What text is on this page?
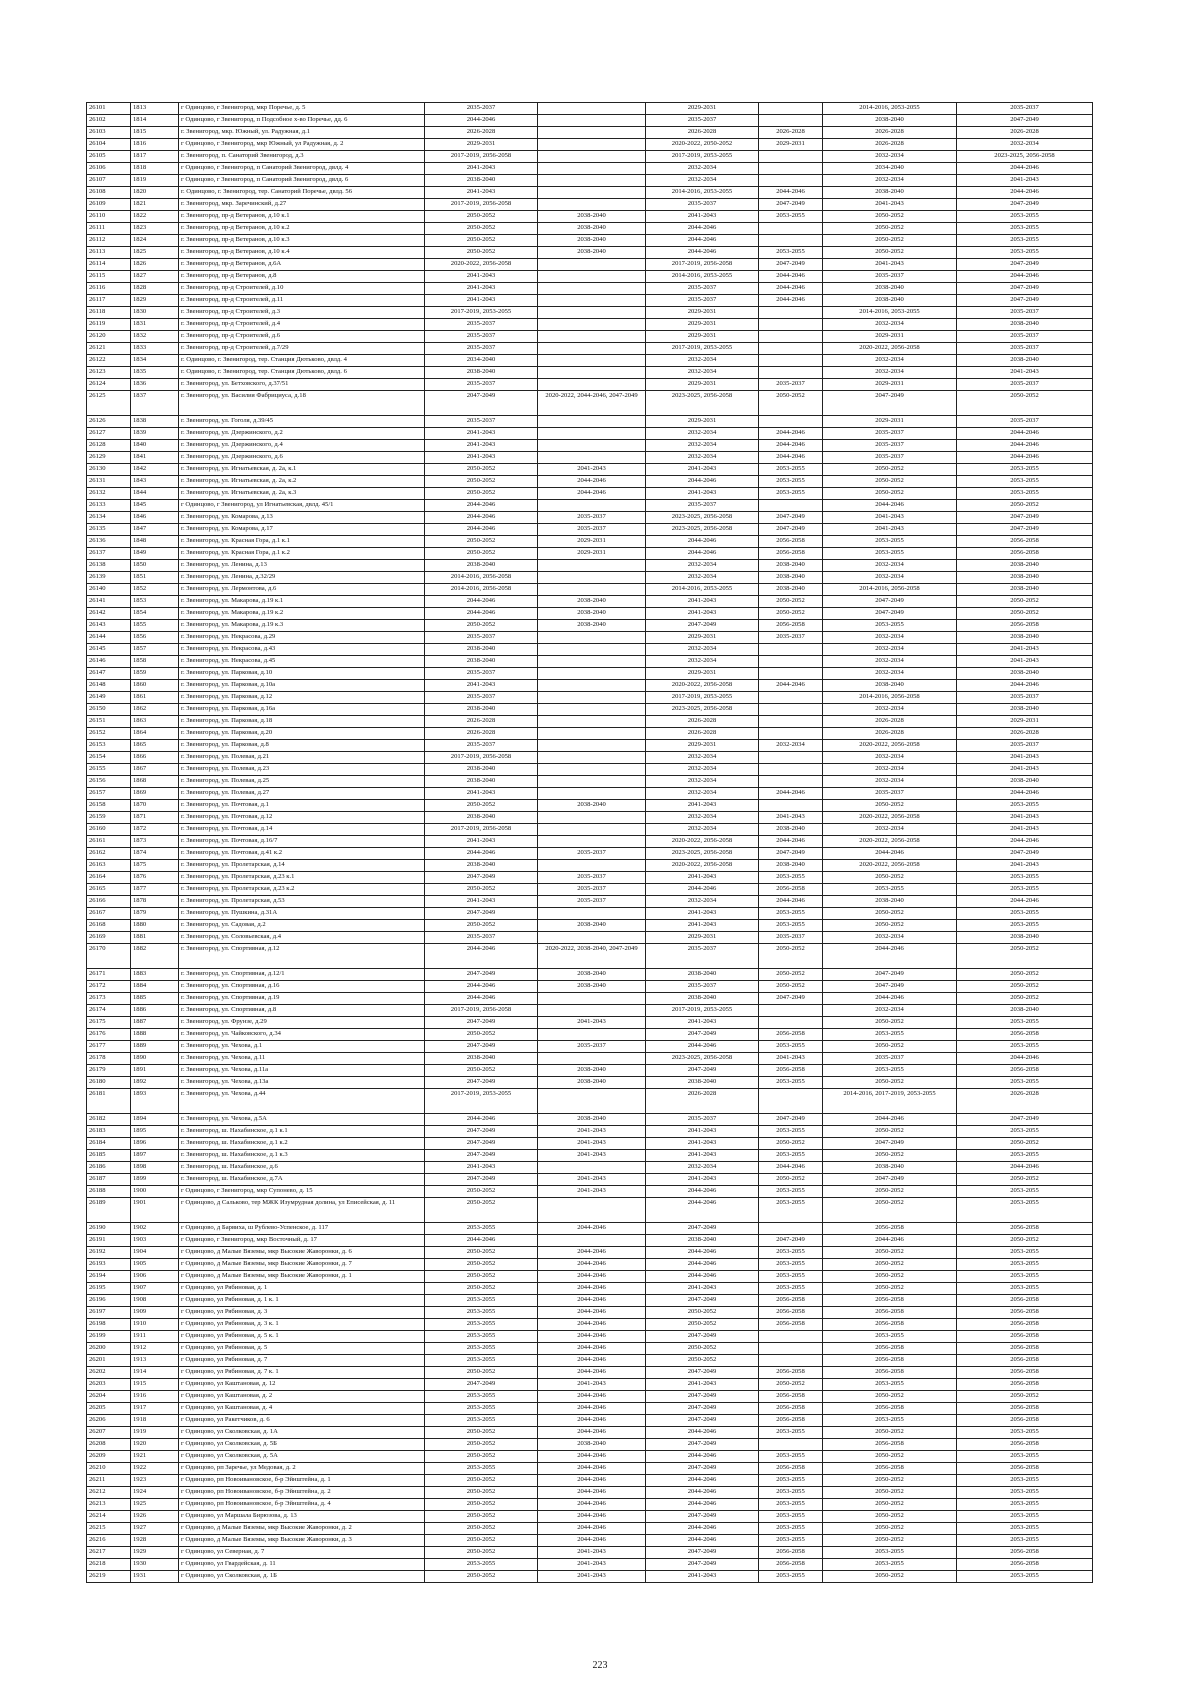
26101	1813	г Одинцово, г Звенигород, мкр Поречье, д. 5	2035-2037		2029-2031		2014-2016, 2053-2055	2035-2037
26102	1814	г Одинцово, г Звенигород, п Подсобное х-во Поречье, дд. 6	2044-2046		2035-2037		2038-2040	2047-2049
26103	1815	г. Звенигород, мкр. Южный, ул. Радужная, д.1	2026-2028		2026-2028	2026-2028	2026-2028	2026-2028
26104	1816	г Одинцово, г Звенигород, мкр Южный, ул Радужная, д. 2	2029-2031		2020-2022, 2050-2052	2029-2031	2026-2028	2032-2034
26105	1817	г. Звенигород, п. Санаторий Звенигород, д.3	2017-2019, 2056-2058		2017-2019, 2053-2055		2032-2034	2023-2025, 2056-2058
26106	1818	г Одинцово, г Звенигород, п Санаторий Звенигород, двлд. 4	2041-2043		2032-2034		2034-2040	2044-2046
26107	1819	г Одинцово, г Звенигород, п Санаторий Звенигород, двлд. 6	2038-2040		2032-2034		2032-2034	2041-2043
26108	1820	г. Одинцово, г. Звенигород, тер. Санаторий Поречье, двлд. 56	2041-2043		2014-2016, 2053-2055	2044-2046	2038-2040	2044-2046
26109	1821	г. Звенигород, мкр. Заречинский, д.27	2017-2019, 2056-2058		2035-2037	2047-2049	2041-2043	2047-2049
26110	1822	г. Звенигород, пр-д Ветеранов, д.10 к.1	2050-2052	2038-2040	2041-2043	2053-2055	2050-2052	2053-2055
26111	1823	г. Звенигород, пр-д Ветеранов, д.10 к.2	2050-2052	2038-2040	2044-2046		2050-2052	2053-2055
26112	1824	г. Звенигород, пр-д Ветеранов, д.10 к.3	2050-2052	2038-2040	2044-2046		2050-2052	2053-2055
26113	1825	г. Звенигород, пр-д Ветеранов, д.10 к.4	2050-2052	2038-2040	2044-2046	2053-2055	2050-2052	2053-2055
26114	1826	г. Звенигород, пр-д Ветеранов, д.6А	2020-2022, 2056-2058		2017-2019, 2056-2058	2047-2049	2041-2043	2047-2049
26115	1827	г. Звенигород, пр-д Ветеранов, д.8	2041-2043		2014-2016, 2053-2055	2044-2046	2035-2037	2044-2046
26116	1828	г. Звенигород, пр-д Строителей, д.10	2041-2043		2035-2037	2044-2046	2038-2040	2047-2049
26117	1829	г. Звенигород, пр-д Строителей, д.11	2041-2043		2035-2037	2044-2046	2038-2040	2047-2049
26118	1830	г. Звенигород, пр-д Строителей, д.3	2017-2019, 2053-2055		2029-2031		2014-2016, 2053-2055	2035-2037
26119	1831	г. Звенигород, пр-д Строителей, д.4	2035-2037		2029-2031		2032-2034	2038-2040
26120	1832	г. Звенигород, пр-д Строителей, д.6	2035-2037		2029-2031		2029-2031	2035-2037
26121	1833	г. Звенигород, пр-д Строителей, д.7/29	2035-2037		2017-2019, 2053-2055		2020-2022, 2056-2058	2035-2037
26122	1834	г. Одинцово, г. Звенигород, тер. Станция Дютьково, двлд. 4	2034-2040		2032-2034		2032-2034	2038-2040
26123	1835	г. Одинцово, г. Звенигород, тер. Станция Дютьково, двлд. 6	2038-2040		2032-2034		2032-2034	2041-2043
26124	1836	г. Звенигород, ул. Бетховского, д.37/51	2035-2037		2029-2031	2035-2037	2029-2031	2035-2037
26125	1837	г. Звенигород, ул. Василия Фабрициуса, д.18	2047-2049	2020-2022, 2044-2046, 2047-2049	2023-2025, 2056-2058	2050-2052	2047-2049	2050-2052
26126	1838	г. Звенигород, ул. Гоголя, д.39/45	2035-2037		2029-2031		2029-2031	2035-2037
26127	1839	г. Звенигород, ул. Дзержинского, д.2	2041-2043		2032-2034	2044-2046	2035-2037	2044-2046
26128	1840	г. Звенигород, ул. Дзержинского, д.4	2041-2043		2032-2034	2044-2046	2035-2037	2044-2046
26129	1841	г. Звенигород, ул. Дзержинского, д.6	2041-2043		2032-2034	2044-2046	2035-2037	2044-2046
26130	1842	г. Звенигород, ул. Игнатьевская, д. 2а, к.1	2050-2052	2041-2043	2041-2043	2053-2055	2050-2052	2053-2055
26131	1843	г. Звенигород, ул. Игнатьевская, д. 2а, к.2	2050-2052	2044-2046	2044-2046	2053-2055	2050-2052	2053-2055
26132	1844	г. Звенигород, ул. Игнатьевская, д. 2а, к.3	2050-2052	2044-2046	2041-2043	2053-2055	2050-2052	2053-2055
26133	1845	г Одинцово, г Звенигород, ул Игнатьевская, двлд. 45/1	2044-2046		2035-2037		2044-2046	2050-2052
26134	1846	г. Звенигород, ул. Комарова, д.13	2044-2046	2035-2037	2023-2025, 2056-2058	2047-2049	2041-2043	2047-2049
26135	1847	г. Звенигород, ул. Комарова, д.17	2044-2046	2035-2037	2023-2025, 2056-2058	2047-2049	2041-2043	2047-2049
26136	1848	г. Звенигород, ул. Красная Гора, д.1 к.1	2050-2052	2029-2031	2044-2046	2056-2058	2053-2055	2056-2058
26137	1849	г. Звенигород, ул. Красная Гора, д.1 к.2	2050-2052	2029-2031	2044-2046	2056-2058	2053-2055	2056-2058
26138	1850	г. Звенигород, ул. Ленина, д.13	2038-2040		2032-2034	2038-2040	2032-2034	2038-2040
26139	1851	г. Звенигород, ул. Ленина, д.32/29	2014-2016, 2056-2058		2032-2034	2038-2040	2032-2034	2038-2040
26140	1852	г. Звенигород, ул. Лермонтова, д.6	2014-2016, 2056-2058		2014-2016, 2053-2055	2038-2040	2014-2016, 2056-2058	2038-2040
26141	1853	г. Звенигород, ул. Макарова, д.19 к.1	2044-2046	2038-2040	2041-2043	2050-2052	2047-2049	2050-2052
26142	1854	г. Звенигород, ул. Макарова, д.19 к.2	2044-2046	2038-2040	2041-2043	2050-2052	2047-2049	2050-2052
26143	1855	г. Звенигород, ул. Макарова, д.19 к.3	2050-2052	2038-2040	2047-2049	2056-2058	2053-2055	2056-2058
26144	1856	г. Звенигород, ул. Некрасова, д.29	2035-2037		2029-2031	2035-2037	2032-2034	2038-2040
26145	1857	г. Звенигород, ул. Некрасова, д.43	2038-2040		2032-2034		2032-2034	2041-2043
26146	1858	г. Звенигород, ул. Некрасова, д.45	2038-2040		2032-2034		2032-2034	2041-2043
26147	1859	г. Звенигород, ул. Парковая, д.10	2035-2037		2029-2031		2032-2034	2038-2040
26148	1860	г. Звенигород, ул. Парковая, д.10а	2041-2043		2020-2022, 2056-2058	2044-2046	2038-2040	2044-2046
26149	1861	г. Звенигород, ул. Парковая, д.12	2035-2037		2017-2019, 2053-2055		2014-2016, 2056-2058	2035-2037
26150	1862	г. Звенигород, ул. Парковая, д.16а	2038-2040		2023-2025, 2056-2058		2032-2034	2038-2040
26151	1863	г. Звенигород, ул. Парковая, д.18	2026-2028		2026-2028		2026-2028	2029-2031
26152	1864	г. Звенигород, ул. Парковая, д.20	2026-2028		2026-2028		2026-2028	2026-2028
26153	1865	г. Звенигород, ул. Парковая, д.8	2035-2037		2029-2031	2032-2034	2020-2022, 2056-2058	2035-2037
26154	1866	г. Звенигород, ул. Полевая, д.21	2017-2019, 2056-2058		2032-2034		2032-2034	2041-2043
26155	1867	г. Звенигород, ул. Полевая, д.23	2038-2040		2032-2034		2032-2034	2041-2043
26156	1868	г. Звенигород, ул. Полевая, д.25	2038-2040		2032-2034		2032-2034	2038-2040
26157	1869	г. Звенигород, ул. Полевая, д.27	2041-2043		2032-2034	2044-2046	2035-2037	2044-2046
26158	1870	г. Звенигород, ул. Почтовая, д.1	2050-2052	2038-2040	2041-2043		2050-2052	2053-2055
26159	1871	г. Звенигород, ул. Почтовая, д.12	2038-2040		2032-2034	2041-2043	2020-2022, 2056-2058	2041-2043
26160	1872	г. Звенигород, ул. Почтовая, д.14	2017-2019, 2056-2058		2032-2034	2038-2040	2032-2034	2041-2043
26161	1873	г. Звенигород, ул. Почтовая, д.16/7	2041-2043		2020-2022, 2056-2058	2044-2046	2020-2022, 2056-2058	2044-2046
26162	1874	г. Звенигород, ул. Почтовая, д.41 к.2	2044-2046	2035-2037	2023-2025, 2056-2058	2047-2049	2044-2046	2047-2049
26163	1875	г. Звенигород, ул. Пролетарская, д.14	2038-2040		2020-2022, 2056-2058	2038-2040	2020-2022, 2056-2058	2041-2043
26164	1876	г. Звенигород, ул. Пролетарская, д.23 к.1	2047-2049	2035-2037	2041-2043	2053-2055	2050-2052	2053-2055
26165	1877	г. Звенигород, ул. Пролетарская, д.23 к.2	2050-2052	2035-2037	2044-2046	2056-2058	2053-2055	2053-2055
26166	1878	г. Звенигород, ул. Пролетарская, д.53	2041-2043	2035-2037	2032-2034	2044-2046	2038-2040	2044-2046
26167	1879	г. Звенигород, ул. Пушкина, д.31А	2047-2049		2041-2043	2053-2055	2050-2052	2053-2055
26168	1880	г. Звенигород, ул. Садовая, д.2	2050-2052	2038-2040	2041-2043	2053-2055	2050-2052	2053-2055
26169	1881	г. Звенигород, ул. Соловьевская, д.4	2035-2037		2029-2031	2035-2037	2032-2034	2038-2040
26170	1882	г. Звенигород, ул. Спортивная, д.12	2044-2046	2020-2022, 2038-2040, 2047-2049	2035-2037	2050-2052	2044-2046	2050-2052
26171	1883	г. Звенигород, ул. Спортивная, д.12/1	2047-2049	2038-2040	2038-2040	2050-2052	2047-2049	2050-2052
26172	1884	г. Звенигород, ул. Спортивная, д.16	2044-2046	2038-2040	2035-2037	2050-2052	2047-2049	2050-2052
26173	1885	г. Звенигород, ул. Спортивная, д.19	2044-2046		2038-2040	2047-2049	2044-2046	2050-2052
26174	1886	г. Звенигород, ул. Спортивная, д.8	2017-2019, 2056-2058		2017-2019, 2053-2055		2032-2034	2038-2040
26175	1887	г. Звенигород, ул. Фрунзе, д.29	2047-2049	2041-2043	2041-2043		2050-2052	2053-2055
26176	1888	г. Звенигород, ул. Чайковского, д.34	2050-2052		2047-2049	2056-2058	2053-2055	2056-2058
26177	1889	г. Звенигород, ул. Чехова, д.1	2047-2049	2035-2037	2044-2046	2053-2055	2050-2052	2053-2055
26178	1890	г. Звенигород, ул. Чехова, д.11	2038-2040		2023-2025, 2056-2058	2041-2043	2035-2037	2044-2046
26179	1891	г. Звенигород, ул. Чехова, д.11а	2050-2052	2038-2040	2047-2049	2056-2058	2053-2055	2056-2058
26180	1892	г. Звенигород, ул. Чехова, д.13а	2047-2049	2038-2040	2038-2040	2053-2055	2050-2052	2053-2055
26181	1893	г. Звенигород, ул. Чехова, д.44	2017-2019, 2053-2055		2026-2028		2014-2016, 2017-2019, 2053-2055	2026-2028
26182	1894	г. Звенигород, ул. Чехова, д.5А	2044-2046	2038-2040	2035-2037	2047-2049	2044-2046	2047-2049
26183	1895	г. Звенигород, ш. Нахабинское, д.1 к.1	2047-2049	2041-2043	2041-2043	2053-2055	2050-2052	2053-2055
26184	1896	г. Звенигород, ш. Нахабинское, д.1 к.2	2047-2049	2041-2043	2041-2043	2050-2052	2047-2049	2050-2052
26185	1897	г. Звенигород, ш. Нахабинское, д.1 к.3	2047-2049	2041-2043	2041-2043	2053-2055	2050-2052	2053-2055
26186	1898	г. Звенигород, ш. Нахабинское, д.6	2041-2043		2032-2034	2044-2046	2038-2040	2044-2046
26187	1899	г. Звенигород, ш. Нахабинское, д.7А	2047-2049	2041-2043	2041-2043	2050-2052	2047-2049	2050-2052
26188	1900	г Одинцово, г Звенигород, мкр Супонево, д. 15	2050-2052	2041-2043	2044-2046	2053-2055	2050-2052	2053-2055
26189	1901	г Одинцово, д Сальково, тер МЖК Изумрудная долина, ул Еписейская, д. 11	2050-2052		2044-2046	2053-2055	2050-2052	2053-2055
26190	1902	г Одинцово, д Барвиха, ш Рублево-Успенское, д. 117	2053-2055	2044-2046	2047-2049		2056-2058	2056-2058
26191	1903	г Одинцово, г Звенигород, мкр Восточный, д. 17	2044-2046		2038-2040	2047-2049	2044-2046	2050-2052
26192	1904	г Одинцово, д Малые Вяземы, мкр Высокие Жаворонки, д. 6	2050-2052	2044-2046	2044-2046	2053-2055	2050-2052	2053-2055
26193	1905	г Одинцово, д Малые Вяземы, мкр Высокие Жаворонки, д. 7	2050-2052	2044-2046	2044-2046	2053-2055	2050-2052	2053-2055
26194	1906	г Одинцово, д Малые Вяземы, мкр Высокие Жаворонки, д. 1	2050-2052	2044-2046	2044-2046	2053-2055	2050-2052	2053-2055
26195	1907	г Одинцово, ул Рябиновая, д. 1	2050-2052	2044-2046	2041-2043	2053-2055	2050-2052	2053-2055
26196	1908	г Одинцово, ул Рябиновая, д. 1 к. 1	2053-2055	2044-2046	2047-2049	2056-2058	2056-2058	2056-2058
26197	1909	г Одинцово, ул Рябиновая, д. 3	2053-2055	2044-2046	2050-2052	2056-2058	2056-2058	2056-2058
26198	1910	г Одинцово, ул Рябиновая, д. 3 к. 1	2053-2055	2044-2046	2050-2052	2056-2058	2056-2058	2056-2058
26199	1911	г Одинцово, ул Рябиновая, д. 5 к. 1	2053-2055	2044-2046	2047-2049		2053-2055	2056-2058
26200	1912	г Одинцово, ул Рябиновая, д. 5	2053-2055	2044-2046	2050-2052		2056-2058	2056-2058
26201	1913	г Одинцово, ул Рябиновая, д. 7	2053-2055	2044-2046	2050-2052		2056-2058	2056-2058
26202	1914	г Одинцово, ул Рябиновая, д. 7 к. 1	2050-2052	2044-2046	2047-2049	2056-2058	2056-2058	2056-2058
26203	1915	г Одинцово, ул Каштановая, д. 12	2047-2049	2041-2043	2041-2043	2050-2052	2053-2055	2056-2058
26204	1916	г Одинцово, ул Каштановая, д. 2	2053-2055	2044-2046	2047-2049	2056-2058	2050-2052	2050-2052
26205	1917	г Одинцово, ул Каштановая, д. 4	2053-2055	2044-2046	2047-2049	2056-2058	2056-2058	2056-2058
26206	1918	г Одинцово, ул Ракетчиков, д. 6	2053-2055	2044-2046	2047-2049	2056-2058	2053-2055	2056-2058
26207	1919	г Одинцово, ул Сколковская, д. 1А	2050-2052	2044-2046	2044-2046	2053-2055	2050-2052	2053-2055
26208	1920	г Одинцово, ул Сколковская, д. 5Б	2050-2052	2038-2040	2047-2049		2056-2058	2056-2058
26209	1921	г Одинцово, ул Сколковская, д. 5А	2050-2052	2044-2046	2044-2046	2053-2055	2050-2052	2053-2055
26210	1922	г Одинцово, рп Заречье, ул Медовая, д. 2	2053-2055	2044-2046	2047-2049	2056-2058	2056-2058	2056-2058
26211	1923	г Одинцово, рп Новоивановское, б-р Эйнштейна, д. 1	2050-2052	2044-2046	2044-2046	2053-2055	2050-2052	2053-2055
26212	1924	г Одинцово, рп Новоивановское, б-р Эйнштейна, д. 2	2050-2052	2044-2046	2044-2046	2053-2055	2050-2052	2053-2055
26213	1925	г Одинцово, рп Новоивановское, б-р Эйнштейна, д. 4	2050-2052	2044-2046	2044-2046	2053-2055	2050-2052	2053-2055
26214	1926	г Одинцово, ул Маршала Бирюзова, д. 13	2050-2052	2044-2046	2047-2049	2053-2055	2050-2052	2053-2055
26215	1927	г Одинцово, д Малые Вяземы, мкр Высокие Жаворонки, д. 2	2050-2052	2044-2046	2044-2046	2053-2055	2050-2052	2053-2055
26216	1928	г Одинцово, д Малые Вяземы, мкр Высокие Жаворонки, д. 3	2050-2052	2044-2046	2044-2046	2053-2055	2050-2052	2053-2055
26217	1929	г Одинцово, ул Северная, д. 7	2050-2052	2041-2043	2047-2049	2056-2058	2053-2055	2056-2058
26218	1930	г Одинцово, ул Гвардейская, д. 11	2053-2055	2041-2043	2047-2049	2056-2058	2053-2055	2056-2058
26219	1931	г Одинцово, ул Сколковская, д. 1Б	2050-2052	2041-2043	2041-2043	2053-2055	2050-2052	2053-2055
223
